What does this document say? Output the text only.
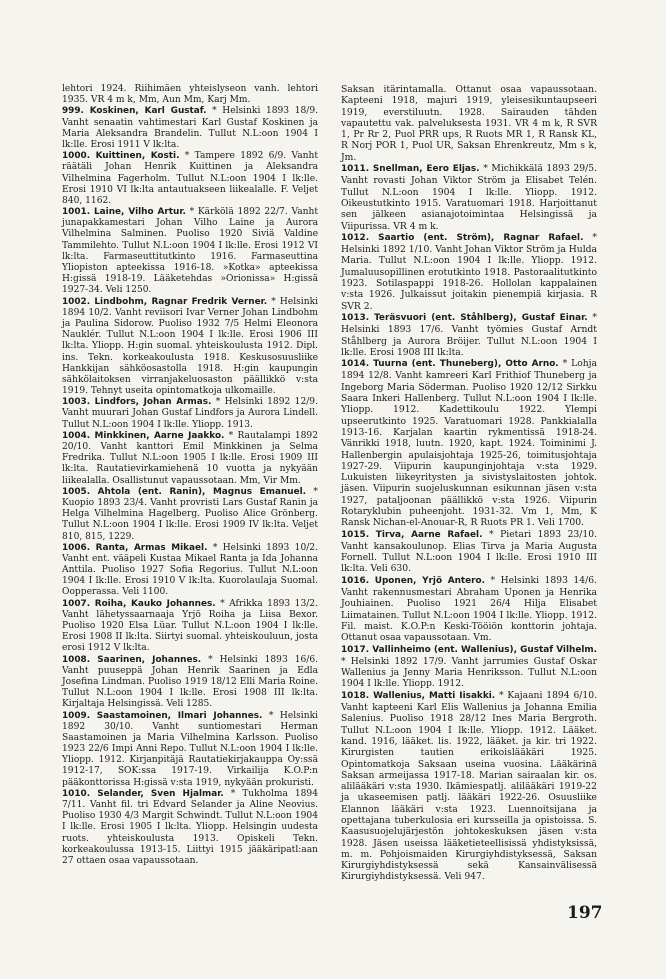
lehtori 1924. Riihimäen yhteislyseon vanh. lehtori 1935. VR 4 m k, Mm, Aun Mm, Karj Mm.

999. Koskinen, Karl Gustaf. * Helsinki 1893 18/9. Vanht senaatin vahtimestari Karl Gustaf Koskinen ja Maria Aleksandra Brandelin. Tullut N.L:oon 1904 I lk:lle. Erosi 1911 V lk:lta.

1000. Kuittinen, Kosti. * Tampere 1892 6/9. Vanht räätäli Johan Henrik Kuittinen ja Aleksandra Vilhelmina Fagerholm. Tullut N.L:oon 1904 I lk:lle. Erosi 1910 VI lk:lta antautuakseen liikealalle. F. Veljet 840, 1162.

1001. Laine, Vilho Artur. * Kärkölä 1892 22/7. Vanht junapakkamestari Johan Vilho Laine ja Aurora Vilhelmina Salminen. Puoliso 1920 Siviä Valdine Tammilehto. Tullut N.L:oon 1904 I lk:lle. Erosi 1912 VI lk:lta. Farmaseuttitutkinto 1916. Farmaseuttina Yliopiston apteekissa 1916-18. »Kotka» apteekissa H:gissä 1918-19. Lääketehdas »Orionissa» H:gissä 1927-34. Veli 1250.

1002. Lindbohm, Ragnar Fredrik Verner. * Helsinki 1894 10/2. Vanht reviisori Ivar Verner Johan Lindbohm ja Paulina Sidorow. Puoliso 1932 7/5 Helmi Eleonora Nauklér. Tullut N.L:oon 1904 I lk:lle. Erosi 1906 III lk:lta. Yliopp. H:gin suomal. yhteiskoulusta 1912. Dipl. ins. Tekn. korkeakoulusta 1918. Keskusosuusliike Hankkijan sähköosastolla 1918. H:gin kaupungin sähkölaitoksen virranjakeluosaston päällikkö v:sta 1919. Tehnyt useita opintomatkoja ulkomaille.

1003. Lindfors, Johan Armas. * Helsinki 1892 12/9. Vanht muurari Johan Gustaf Lindfors ja Aurora Lindell. Tullut N.L:oon 1904 I lk:lle. Yliopp. 1913.

1004. Minkkinen, Aarne Jaakko. * Rautalampi 1892 20/10. Vanht kanttori Emil Minkkinen ja Selma Fredrika. Tullut N.L:oon 1905 I lk:lle. Erosi 1909 III lk:lta. Rautatievirkamiehenä 10 vuotta ja nykyään liikealalla. Osallistunut vapaussotaan. Mm, Vir Mm.

1005. Ahtola (ent. Ranin), Magnus Emanuel. * Kuopio 1893 23/4. Vanht provristi Lars Gustaf Ranin ja Helga Vilhelmina Hagelberg. Puoliso Alice Grönberg. Tullut N.L:oon 1904 I lk:lle. Erosi 1909 IV lk:lta. Veljet 810, 815, 1229.

1006. Ranta, Armas Mikael. * Helsinki 1893 10/2. Vanht ent. vääpeli Kustaa Mikael Ranta ja Ida Johanna Anttila. Puoliso 1927 Sofia Regorius. Tullut N.L:oon 1904 I lk:lle. Erosi 1910 V lk:lta. Kuorolaulaja Suomal. Oopperassa. Veli 1100.

1007. Roiha, Kauko Johannes. * Afrikka 1893 13/2. Vanht lähetyssaarnaaja Yrjö Roiha ja Liisa Bexor. Puoliso 1920 Elsa Lüar. Tullut N.L:oon 1904 I lk:lle. Erosi 1908 II lk:lta. Siirtyi suomal. yhteiskouluun, josta erosi 1912 V lk:lta.

1008. Saarinen, Johannes. * Helsinki 1893 16/6. Vanht puuseppä Johan Henrik Saarinen ja Edla Josefina Lindman. Puoliso 1919 18/12 Elli Maria Roine. Tullut N.L:oon 1904 I lk:lle. Erosi 1908 III lk:lta. Kirjaltaja Helsingissä. Veli 1285.

1009. Saastamoinen, Ilmari Johannes. * Helsinki 1892 30/10. Vanht suntiomestari Herman Saastamoinen ja Maria Vilhelmina Karlsson. Puoliso 1923 22/6 Impi Anni Repo. Tullut N.L:oon 1904 I lk:lle. Yliopp. 1912. Kirjanpitäjä Rautatiekirjakauppa Oy:ssä 1912-17, SOK:ssa 1917-19. Virkailija K.O.P:n pääkonttorissa H:gissä v:sta 1919, nykyään prokuristi.

1010. Selander, Sven Hjalmar. * Tukholma 1894 7/11. Vanht fil. tri Edvard Selander ja Aline Neovius. Puoliso 1930 4/3 Margit Schwindt. Tullut N.L:oon 1904 I lk:lle. Erosi 1905 I lk:lta. Yliopp. Helsingin uudesta ruots. yhteiskoulusta 1913. Opiskeli Tekn. korkeakoulussa 1913-15. Liittyi 1915 jääkäripatl:aan 27 ottaen osaa vapaussotaan.

Saksan itärintamalla. Ottanut osaa vapaussotaan. Kapteeni 1918, majuri 1919, yleisesikuntaupseeri 1919, everstiluutn. 1928. Sairauden tähden vapautettu vak. palveluksesta 1931. VR 4 m k, R SVR 1, Pr Rr 2, Puol PRR ups, R Ruots MR 1, R Ransk KL, R Norj POR 1, Puol UR, Saksan Ehrenkreutz, Mm s k, Jm.

1011. Snellman, Eero Eljas. * Michikkälä 1893 29/5. Vanht rovasti Johan Viktor Ström ja Elisabet Telén. Tullut N.L:oon 1904 I lk:lle. Yliopp. 1912. Oikeustutkinto 1915. Varatuomari 1918. Harjoittanut sen jälkeen asianajotoimintaa Helsingissä ja Viipurissa. VR 4 m k.

1012. Saartio (ent. Ström), Ragnar Rafael. * Helsinki 1892 1/10. Vanht Johan Viktor Ström ja Hulda Maria. Tullut N.L:oon 1904 I lk:lle. Yliopp. 1912. Jumaluusopillinen erotutkinto 1918. Pastoraalitutkinto 1923. Sotilaspappi 1918-26. Hollolan kappalainen v:sta 1926. Julkaissut joitakin pienempiä kirjasia. R SVR 2.

1013. Teräsvuori (ent. Ståhlberg), Gustaf Einar. * Helsinki 1893 17/6. Vanht työmies Gustaf Arndt Ståhlberg ja Aurora Bröijer. Tullut N.L:oon 1904 I lk:lle. Erosi 1908 III lk:lta.

1014. Tuurna (ent. Thuneberg), Otto Arno. * Lohja 1894 12/8. Vanht kamreeri Karl Frithiof Thuneberg ja Ingeborg Maria Söderman. Puoliso 1920 12/12 Sirkku Saara Inkeri Hallenberg. Tullut N.L:oon 1904 I lk:lle. Yliopp. 1912. Kadettikoulu 1922. Ylempi upseerutkinto 1925. Varatuomari 1928. Pankkialalla 1913-16. Karjalan kaartin rykmentissä 1918-24. Vänrikki 1918, luutn. 1920, kapt. 1924. Toiminimi J. Hallenbergin apulaisjohtaja 1925-26, toimitusjohtaja 1927-29. Viipurin kaupunginjohtaja v:sta 1929. Lukuisten liikeyritysten ja sivistyslaitosten johtok. jäsen. Viipurin suojeluskunnan esikunnan jäsen v:sta 1927, pataljoonan päällikkö v:sta 1926. Viipurin Rotaryklubin puheenjoht. 1931-32. Vm 1, Mm, K Ransk Nichan-el-Anouar-R, R Ruots PR 1. Veli 1700.

1015. Tirva, Aarne Rafael. * Pietari 1893 23/10. Vanht kansakoulunop. Elias Tirva ja Maria Augusta Fornell. Tullut N.L:oon 1904 I lk:lle. Erosi 1910 III lk:lta. Veli 630.

1016. Uponen, Yrjö Antero. * Helsinki 1893 14/6. Vanht rakennusmestari Abraham Uponen ja Henrika Jouhiainen. Puoliso 1921 26/4 Hilja Elisabet Liimatainen. Tullut N.L:oon 1904 I lk:lle. Yliopp. 1912. Fil. maist. K.O.P:n Keski-Tööiön konttorin johtaja. Ottanut osaa vapaussotaan. Vm.

1017. Vallinheimo (ent. Wallenius), Gustaf Vilhelm. * Helsinki 1892 17/9. Vanht jarrumies Gustaf Oskar Wallenius ja Jenny Maria Henriksson. Tullut N.L:oon 1904 I lk:lle. Yliopp. 1912.

1018. Wallenius, Matti Iisakki. * Kajaani 1894 6/10. Vanht kapteeni Karl Elis Wallenius ja Johanna Emilia Salenius. Puoliso 1918 28/12 Ines Maria Bergroth. Tullut N.L:oon 1904 I lk:lle. Yliopp. 1912. Lääket. kand. 1916, lääket. lis. 1922, lääket. ja kir. tri 1922. Kirurgisten tautien erikoislääkäri 1925. Opintomatkoja Saksaan useina vuosina. Lääkärinä Saksan armeijassa 1917-18. Marian sairaalan kir. os. alilääkäri v:sta 1930. Ikämiespatlj. alilääkäri 1919-22 ja ukaseemisen patlj. lääkäri 1922-26. Osuusliike Elannon lääkäri v:sta 1923. Luennoitsijana ja opettajana tuberkulosia eri kursseilla ja opistoissa. S. Kaasusuojelujärjestön johtokeskuksen jäsen v:sta 1928. Jäsen useissa lääketieteellisissä yhdistyksissä, m. m. Pohjoismaiden Kirurgiyhdistyksessä, Saksan Kirurgiyhdistyksessä sekä Kansainvälisessä Kirurgiyhdistyksessä. Veli 947.

197
